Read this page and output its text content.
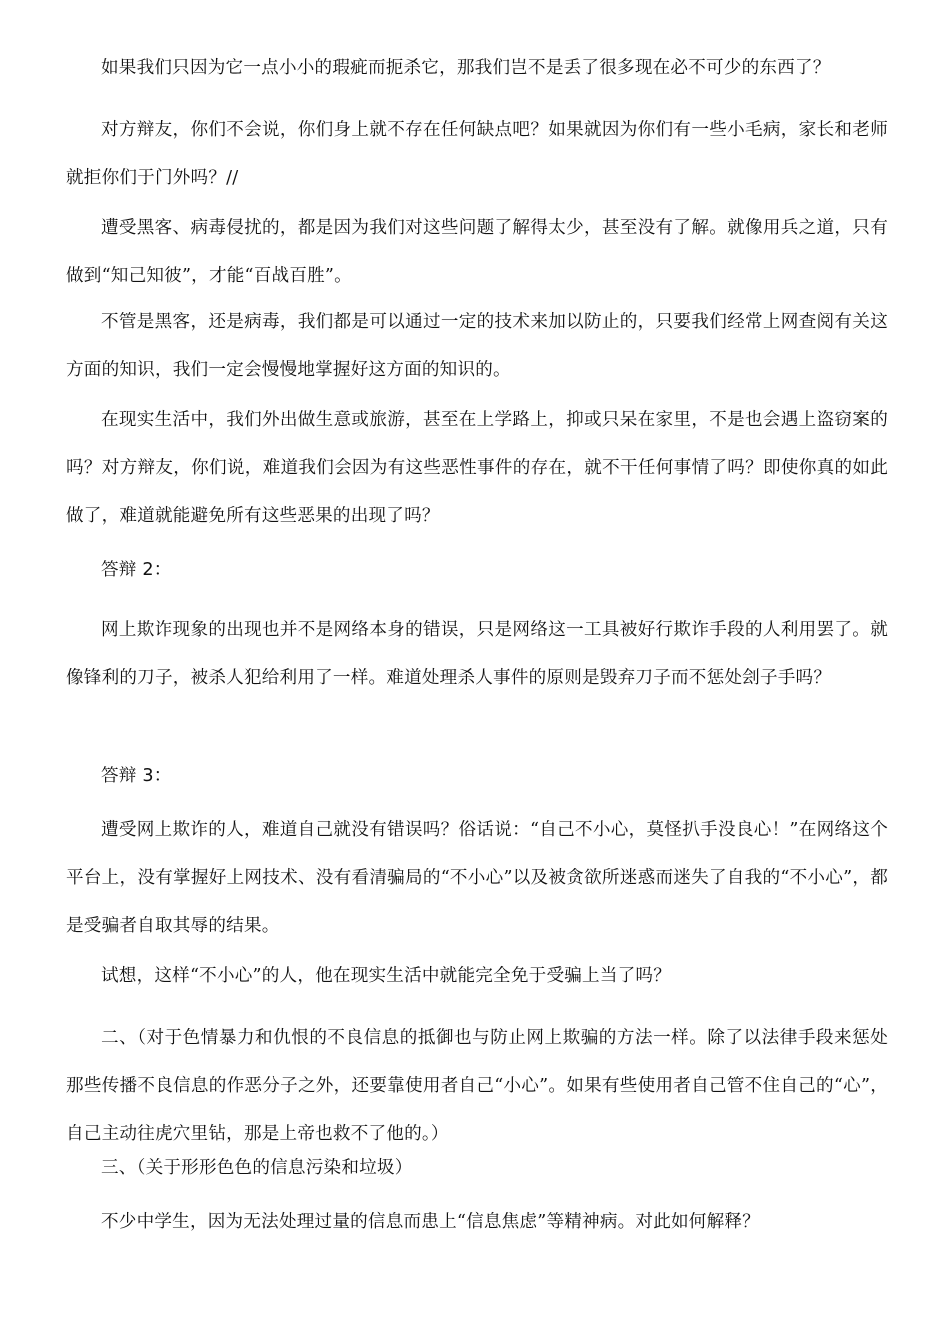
如果我们只因为它一点小小的瑕疵而扼杀它，那我们岂不是丢了很多现在必不可少的东西了？

对方辩友，你们不会说，你们身上就不存在任何缺点吧？如果就因为你们有一些小毛病，家长和老师就拒你们于门外吗？//

遭受黑客、病毒侵扰的，都是因为我们对这些问题了解得太少，甚至没有了解。就像用兵之道，只有做到“知己知彼”，才能“百战百胜”。

不管是黑客，还是病毒，我们都是可以通过一定的技术来加以防止的，只要我们经常上网查阅有关这方面的知识，我们一定会慢慢地掌握好这方面的知识的。

在现实生活中，我们外出做生意或旅游，甚至在上学路上，抑或只呆在家里，不是也会遇上盗窃案的吗？对方辩友，你们说，难道我们会因为有这些恶性事件的存在，就不干任何事情了吗？即使你真的如此做了，难道就能避免所有这些恶果的出现了吗？

答辩 2：

网上欺诈现象的出现也并不是网络本身的错误，只是网络这一工具被好行欺诈手段的人利用罢了。就像锋利的刀子，被杀人犯给利用了一样。难道处理杀人事件的原则是毁弃刀子而不惩处刽子手吗？

答辩 3：

遭受网上欺诈的人，难道自己就没有错误吗？俗话说：“自己不小心，莫怪扒手没良心！”在网络这个平台上，没有掌握好上网技术、没有看清骗局的“不小心”以及被贪欲所迷惑而迷失了自我的“不小心”，都是受骗者自取其辱的结果。

试想，这样“不小心”的人，他在现实生活中就能完全免于受骗上当了吗？

二、（对于色情暴力和仇恨的不良信息的抵御也与防止网上欺骗的方法一样。除了以法律手段来惩处那些传播不良信息的作恶分子之外，还要靠使用者自己“小心”。如果有些使用者自己管不住自己的“心”，自己主动往虎穴里钻，那是上帝也救不了他的。）

三、（关于形形色色的信息污染和垃圾）

不少中学生，因为无法处理过量的信息而患上“信息焦虑”等精神病。对此如何解释？
